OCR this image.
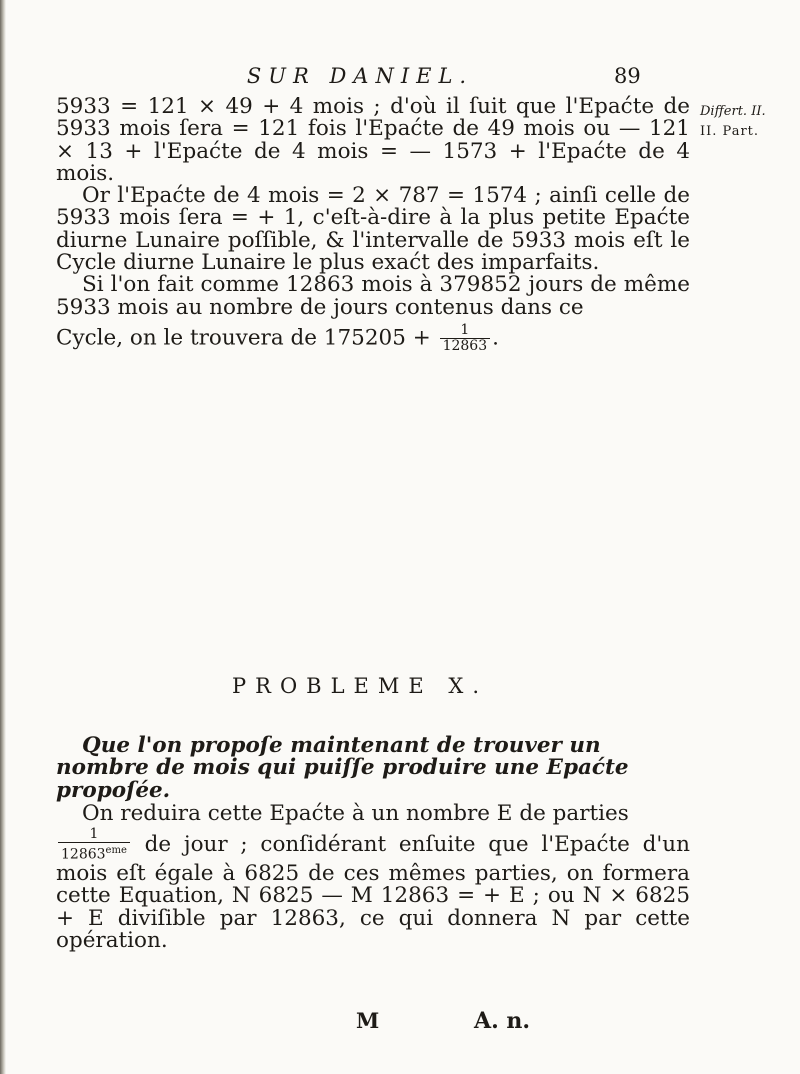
SUR DANIEL.	89
Differt. II.
II. Part.

5933 = 121 × 49 + 4 mois ; d'où il ſuit que l'Epaćte de 5933 mois ſera = 121 fois l'Epaćte de 49 mois ou — 121 × 13 + l'Epaćte de 4 mois = — 1573 + l'Epaćte de 4 mois.

Or l'Epaćte de 4 mois = 2 × 787 = 1574 ; ainſi celle de 5933 mois ſera = + 1, c'eſt-à-dire à la plus petite Epaćte diurne Lunaire poſſible, & l'intervalle de 5933 mois eſt le Cycle diurne Lunaire le plus exaćt des imparfaits.

Si l'on fait comme 12863 mois à 379852 jours de même 5933 mois au nombre de jours contenus dans ce

Cycle, on le trouvera de $175205 + \frac{1}{12863}$ .

PROBLEME X.

Que l'on propoſe maintenant de trouver un nombre de mois qui puiſſe produire une Epaćte propoſée.

On reduira cette Epaćte à un nombre E de parties

$\frac{1}{12863^{eme}}$ de jour ; conſidérant enſuite que l'Epaćte d'un mois eſt égale à 6825 de ces mêmes parties, on formera cette Equation, N 6825 — M 12863 = + E ; ou N × 6825 + E diviſible par 12863, ce qui donnera N par cette opération.

M	A. n.
